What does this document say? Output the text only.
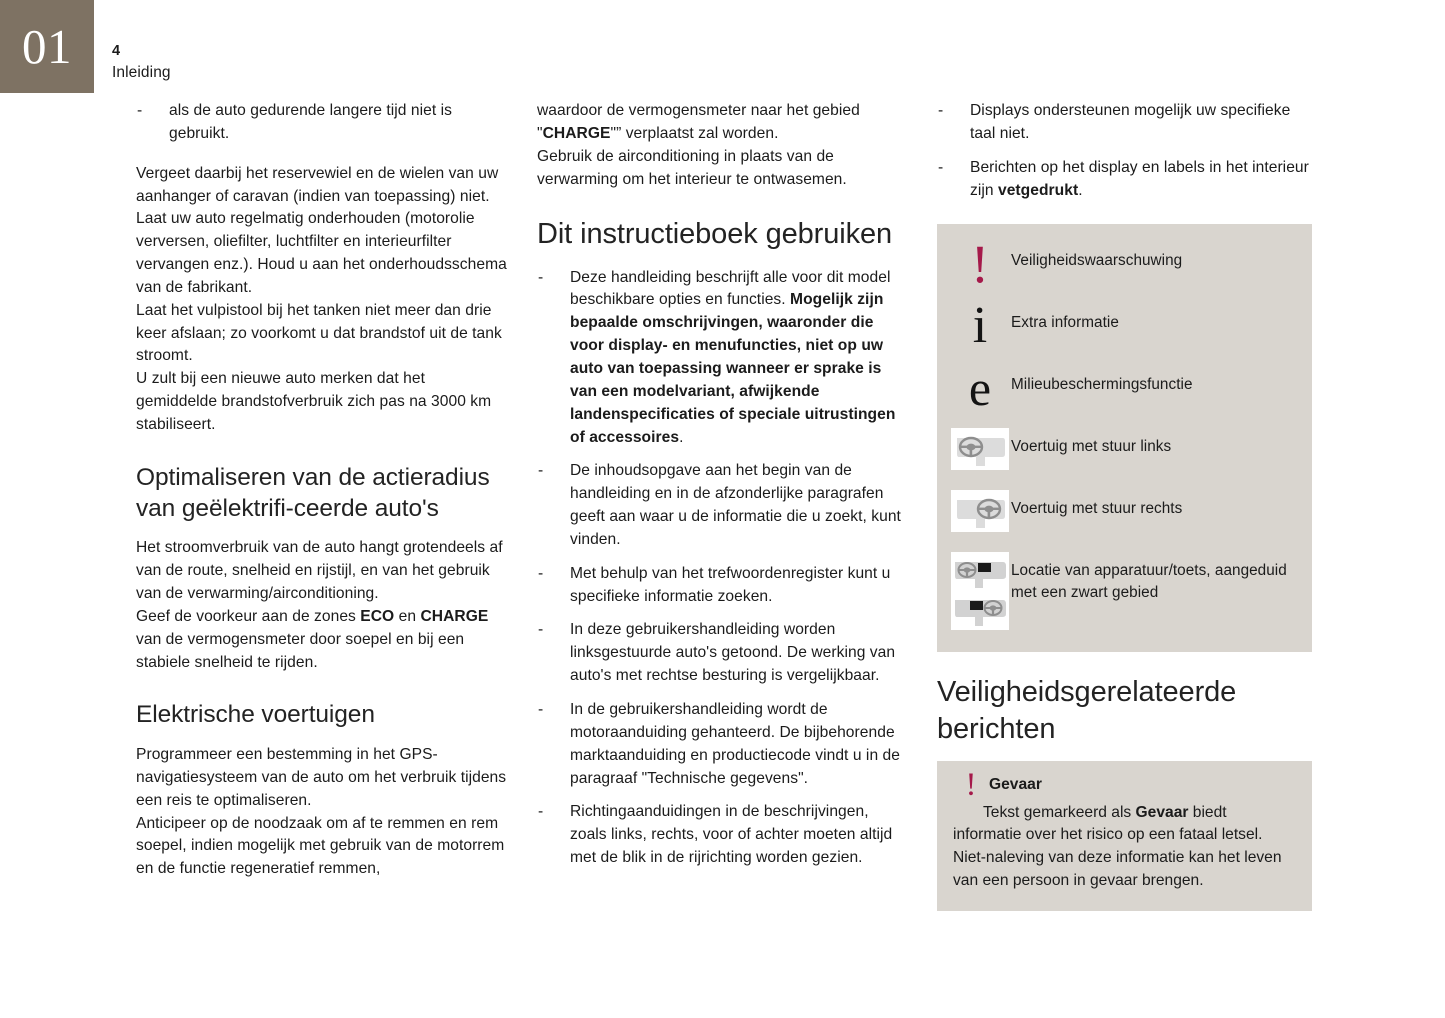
01	4
Inleiding
- als de auto gedurende langere tijd niet is gebruikt.

Vergeet daarbij het reservewiel en de wielen van uw aanhanger of caravan (indien van toepassing) niet.

Laat uw auto regelmatig onderhouden (motorolie verversen, oliefilter, luchtfilter en interieurfilter vervangen enz.). Houd u aan het onderhoudsschema van de fabrikant.

Laat het vulpistool bij het tanken niet meer dan drie keer afslaan; zo voorkomt u dat brandstof uit de tank stroomt.

U zult bij een nieuwe auto merken dat het gemiddelde brandstofverbruik zich pas na 3000 km stabiliseert.

Optimaliseren van de actieradius van geëlektrifi-ceerde auto's

Het stroomverbruik van de auto hangt grotendeels af van de route, snelheid en rijstijl, en van het gebruik van de verwarming/airconditioning.

Geef de voorkeur aan de zones ECO en CHARGE van de vermogensmeter door soepel en bij een stabiele snelheid te rijden.

Elektrische voertuigen

Programmeer een bestemming in het GPS-navigatiesysteem van de auto om het verbruik tijdens een reis te optimaliseren.

Anticipeer op de noodzaak om af te remmen en rem soepel, indien mogelijk met gebruik van de motorrem en de functie regeneratief remmen,

waardoor de vermogensmeter naar het gebied "CHARGE"” verplaatst zal worden.

Gebruik de airconditioning in plaats van de verwarming om het interieur te ontwasemen.

Dit instructieboek gebruiken
- Deze handleiding beschrijft alle voor dit model beschikbare opties en functies. Mogelijk zijn bepaalde omschrijvingen, waaronder die voor display- en menufuncties, niet op uw auto van toepassing wanneer er sprake is van een modelvariant, afwijkende landenspecificaties of speciale uitrustingen of accessoires.
- De inhoudsopgave aan het begin van de handleiding en in de afzonderlijke paragrafen geeft aan waar u de informatie die u zoekt, kunt vinden.
- Met behulp van het trefwoordenregister kunt u specifieke informatie zoeken.
- In deze gebruikershandleiding worden linksgestuurde auto's getoond. De werking van auto's met rechtse besturing is vergelijkbaar.
- In de gebruikershandleiding wordt de motoraanduiding gehanteerd. De bijbehorende marktaanduiding en productiecode vindt u in de paragraaf "Technische gegevens".
- Richtingaanduidingen in de beschrijvingen, zoals links, rechts, voor of achter moeten altijd met de blik in de rijrichting worden gezien.
- Displays ondersteunen mogelijk uw specifieke taal niet.
- Berichten op het display en labels in het interieur zijn vetgedrukt.
! Veiligheidswaarschuwing
i Extra informatie
e Milieubeschermingsfunctie
Voertuig met stuur links
Voertuig met stuur rechts
Locatie van apparatuur/toets, aangeduid met een zwart gebied
Veiligheidsgerelateerde berichten
! Gevaar

Tekst gemarkeerd als Gevaar biedt informatie over het risico op een fataal letsel.
Niet-naleving van deze informatie kan het leven van een persoon in gevaar brengen.
